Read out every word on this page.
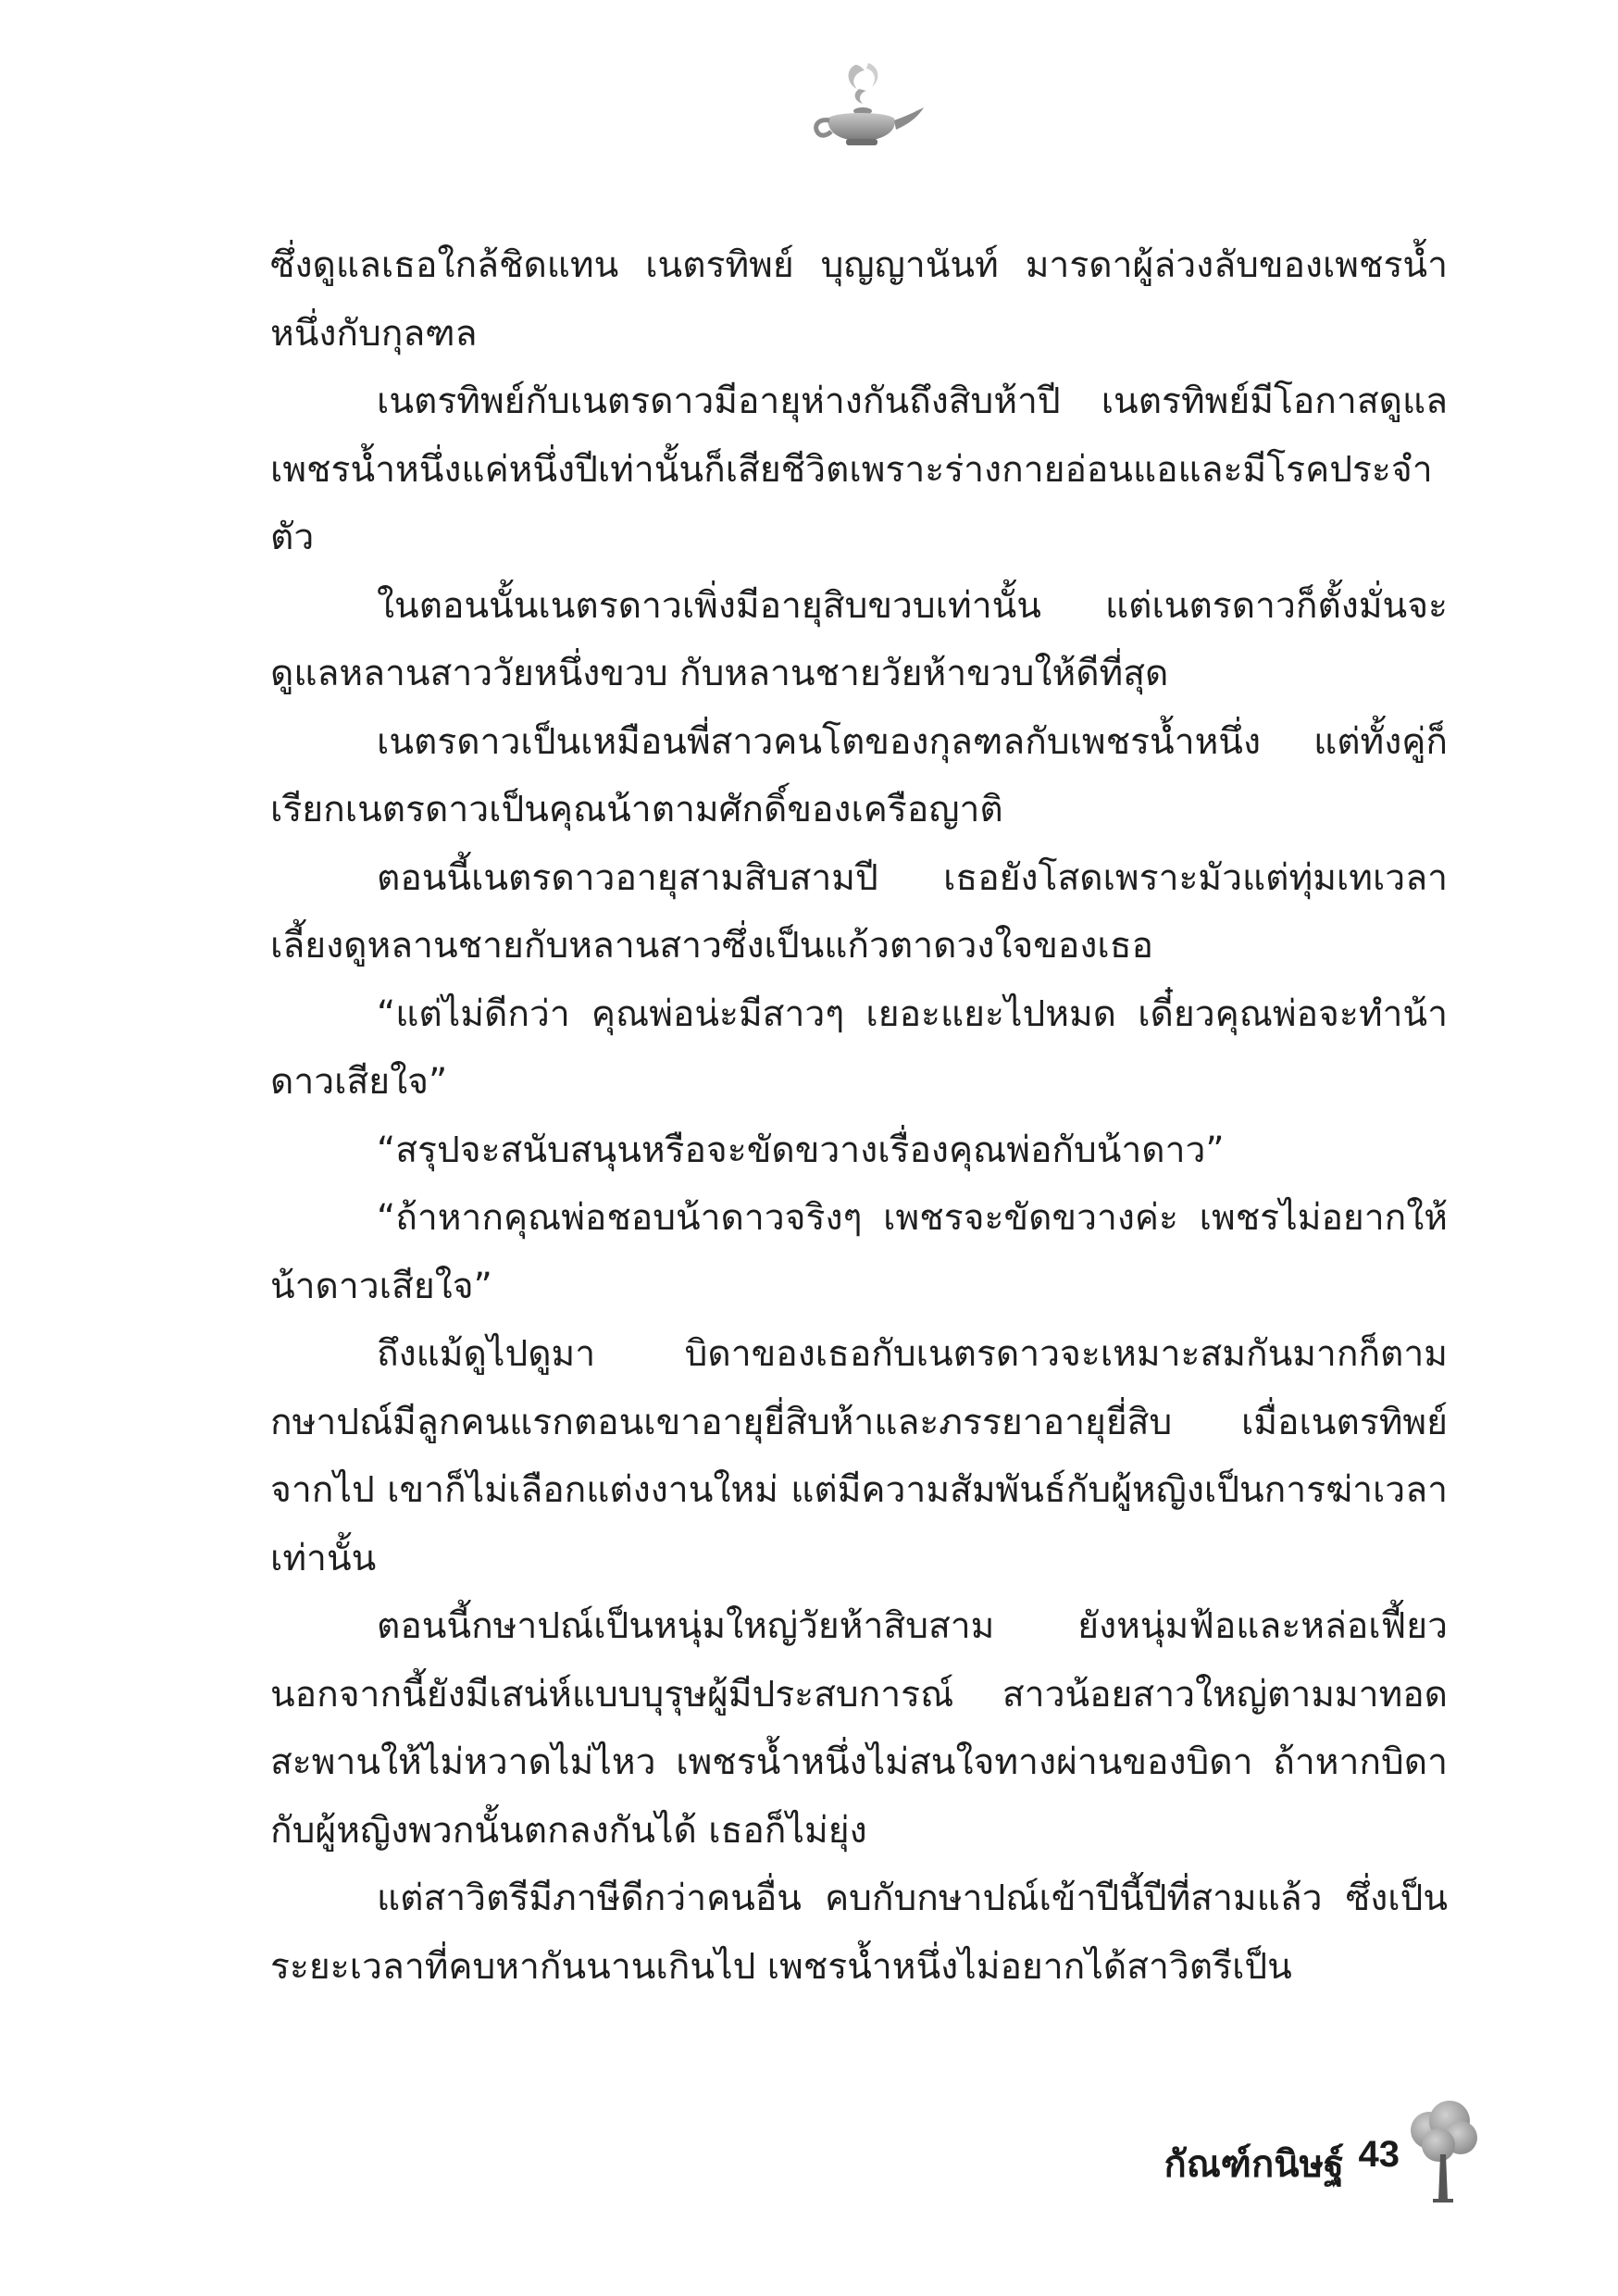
ซึ่งดูแลเธอใกล้ชิดแทน เนตรทิพย์ บุญญานันท์ มารดาผู้ล่วงลับของเพชรน้ำหนึ่งกับกุลฑล

เนตรทิพย์กับเนตรดาวมีอายุห่างกันถึงสิบห้าปี เนตรทิพย์มีโอกาสดูแลเพชรน้ำหนึ่งแค่หนึ่งปีเท่านั้นก็เสียชีวิตเพราะร่างกายอ่อนแอและมีโรคประจำตัว

ในตอนนั้นเนตรดาวเพิ่งมีอายุสิบขวบเท่านั้น แต่เนตรดาวก็ตั้งมั่นจะดูแลหลานสาววัยหนึ่งขวบ กับหลานชายวัยห้าขวบให้ดีที่สุด

เนตรดาวเป็นเหมือนพี่สาวคนโตของกุลฑลกับเพชรน้ำหนึ่ง แต่ทั้งคู่ก็เรียกเนตรดาวเป็นคุณน้าตามศักดิ์ของเครือญาติ

ตอนนี้เนตรดาวอายุสามสิบสามปี เธอยังโสดเพราะมัวแต่ทุ่มเทเวลาเลี้ยงดูหลานชายกับหลานสาวซึ่งเป็นแก้วตาดวงใจของเธอ

“แต่ไม่ดีกว่า คุณพ่อน่ะมีสาวๆ เยอะแยะไปหมด เดี๋ยวคุณพ่อจะทำน้าดาวเสียใจ”

“สรุปจะสนับสนุนหรือจะขัดขวางเรื่องคุณพ่อกับน้าดาว”

“ถ้าหากคุณพ่อชอบน้าดาวจริงๆ เพชรจะขัดขวางค่ะ เพชรไม่อยากให้น้าดาวเสียใจ”

ถึงแม้ดูไปดูมา บิดาของเธอกับเนตรดาวจะเหมาะสมกันมากก็ตาม กษาปณ์มีลูกคนแรกตอนเขาอายุยี่สิบห้าและภรรยาอายุยี่สิบ เมื่อเนตรทิพย์จากไป เขาก็ไม่เลือกแต่งงานใหม่ แต่มีความสัมพันธ์กับผู้หญิงเป็นการฆ่าเวลาเท่านั้น

ตอนนี้กษาปณ์เป็นหนุ่มใหญ่วัยห้าสิบสาม ยังหนุ่มฟ้อและหล่อเฟี้ยว นอกจากนี้ยังมีเสน่ห์แบบบุรุษผู้มีประสบการณ์ สาวน้อยสาวใหญ่ตามมาทอดสะพานให้ไม่หวาดไม่ไหว เพชรน้ำหนึ่งไม่สนใจทางผ่านของบิดา ถ้าหากบิดากับผู้หญิงพวกนั้นตกลงกันได้ เธอก็ไม่ยุ่ง

แต่สาวิตรีมีภาษีดีกว่าคนอื่น คบกับกษาปณ์เข้าปีนี้ปีที่สามแล้ว ซึ่งเป็นระยะเวลาที่คบหากันนานเกินไป เพชรน้ำหนึ่งไม่อยากได้สาวิตรีเป็น

กัณฑ์กนิษฐ์ 43
